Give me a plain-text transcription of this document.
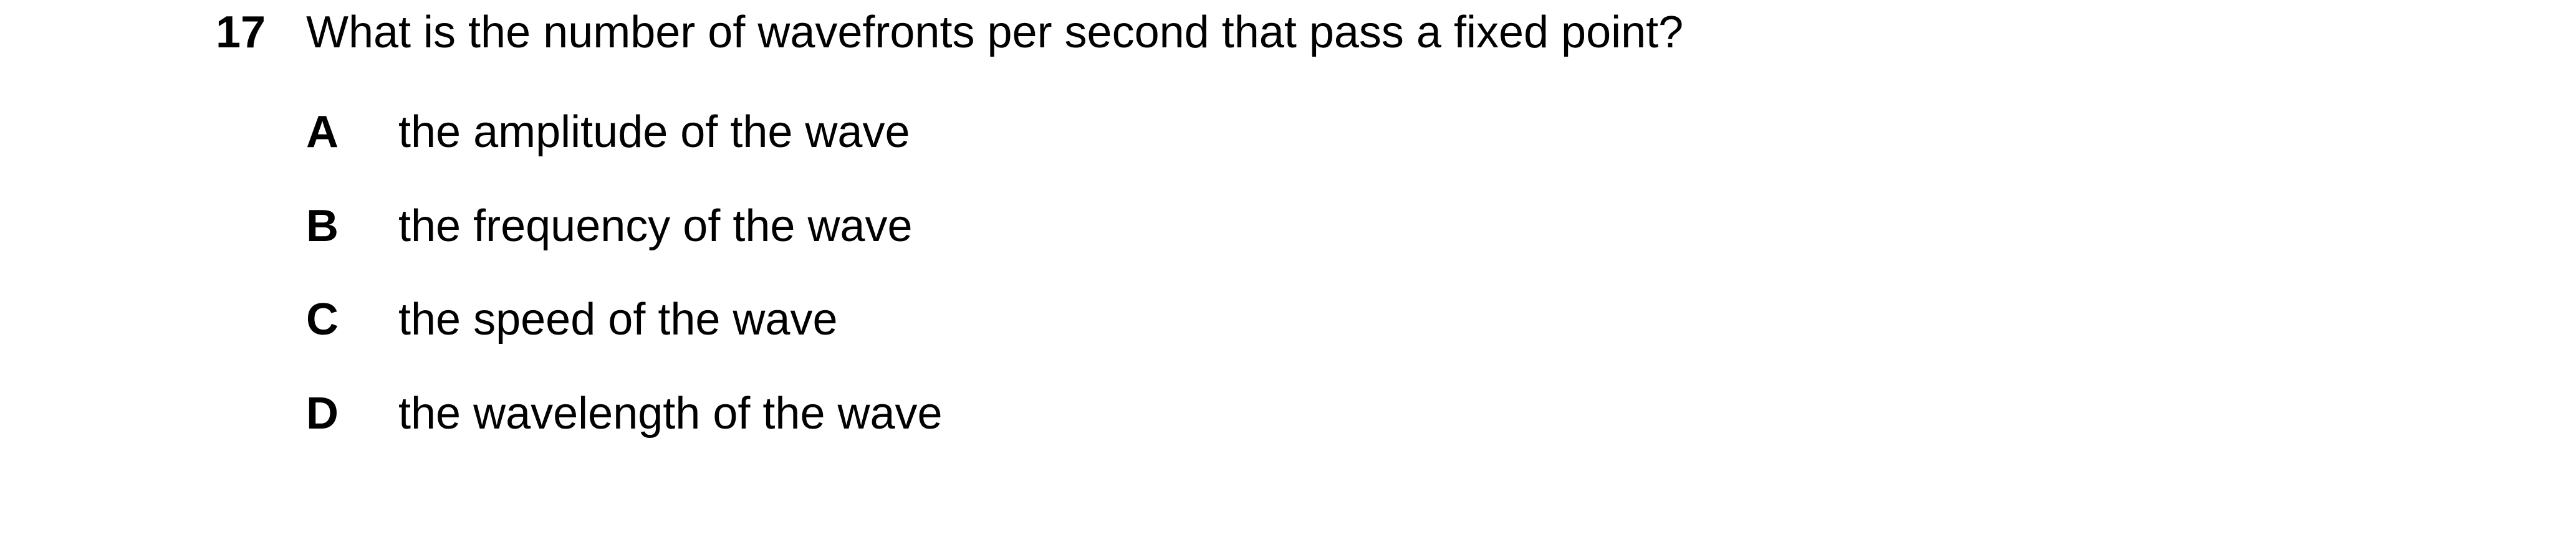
17 What is the number of wavefronts per second that pass a fixed point?
A the amplitude of the wave
B the frequency of the wave
C the speed of the wave
D the wavelength of the wave
